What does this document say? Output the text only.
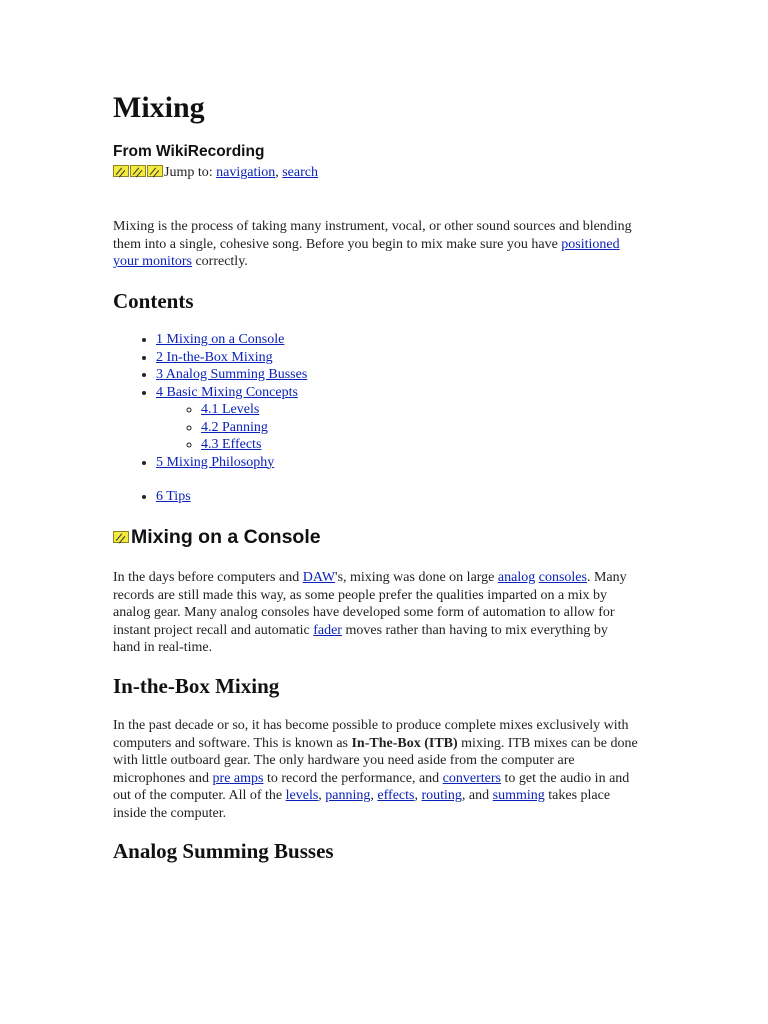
Mixing
From WikiRecording
Jump to: navigation, search

Mixing is the process of taking many instrument, vocal, or other sound sources and blending them into a single, cohesive song. Before you begin to mix make sure you have positioned your monitors correctly.

Contents
• 1 Mixing on a Console
• 2 In-the-Box Mixing
• 3 Analog Summing Busses
• 4 Basic Mixing Concepts
◦ 4.1 Levels
◦ 4.2 Panning
◦ 4.3 Effects
• 5 Mixing Philosophy
• 6 Tips
Mixing on a Console

In the days before computers and DAW's, mixing was done on large analog consoles. Many records are still made this way, as some people prefer the qualities imparted on a mix by analog gear. Many analog consoles have developed some form of automation to allow for instant project recall and automatic fader moves rather than having to mix everything by hand in real-time.

In-the-Box Mixing

In the past decade or so, it has become possible to produce complete mixes exclusively with computers and software. This is known as In-The-Box (ITB) mixing. ITB mixes can be done with little outboard gear. The only hardware you need aside from the computer are microphones and pre amps to record the performance, and converters to get the audio in and out of the computer. All of the levels, panning, effects, routing, and summing takes place inside the computer.

Analog Summing Busses
